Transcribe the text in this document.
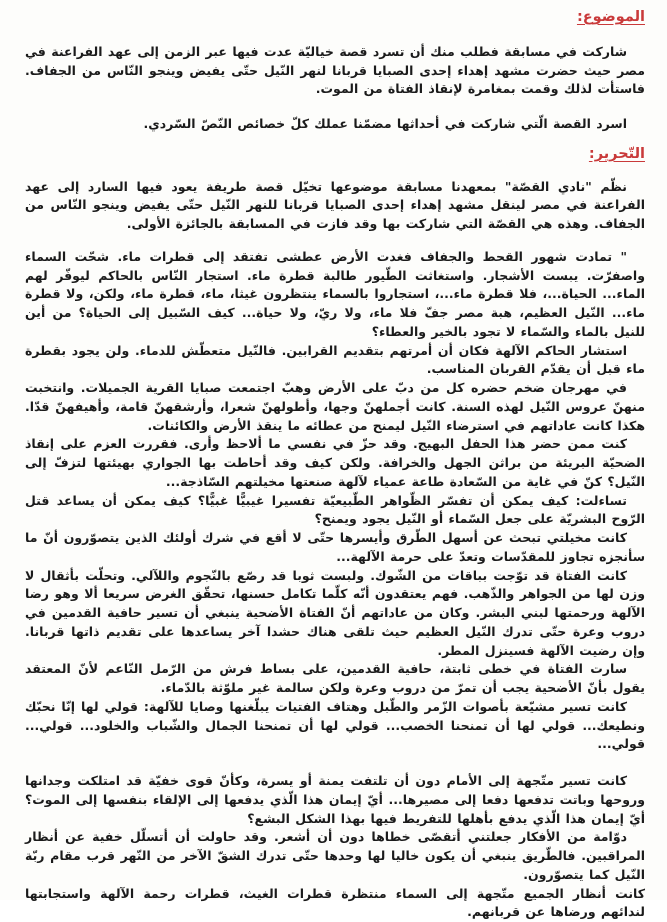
الموضوع:

شاركت في مسابقة فطلب منك أن تسرد قصة خياليّة عدت فيها عبر الزمن إلى عهد الفراعنة في مصر حيث حضرت مشهد إهداء إحدى الصبايا قربانا لنهر النّيل حتّى يفيض وينجو النّاس من الجفاف. فاستأت لذلك وقمت بمغامرة لإنقاذ الفتاة من الموت.

اسرد القصة الّتي شاركت في أحداثها مضمّنا عملك كلّ خصائص النّصّ السّردي.

التّحرير:

نظّم "نادي القصّة" بمعهدنا مسابقة موضوعها تخيّل قصة طريفة يعود فيها السارد إلى عهد الفراعنة في مصر لينقل مشهد إهداء إحدى الصبايا قربانا للنهر النّيل حتّى يفيض وينجو النّاس من الجفاف. وهذه هي القصّة التي شاركت بها وقد فازت في المسابقة بالجائزة الأولى.

" تمادت شهور القحط والجفاف فغدت الأرض عطشى تفتقد إلى قطرات ماء. شحّت السماء واصفرّت. يبست الأشجار. واستغاثت الطّيور طالبة قطرة ماء. استجار النّاس بالحاكم ليوفّر لهم الماء... الحياة...، فلا قطرة ماء...، استجاروا بالسماء ينتظرون غيثا، ماء، قطرة ماء، ولكن، ولا قطرة ماء... النّيل العظيم، هبة مصر جفّ فلا ماء، ولا ريّ، ولا حياة... كيف السّبيل إلى الحياة؟ من أين للنيل بالماء والسّماء لا تجود بالخير والعطاء؟

استشار الحاكم الآلهة فكان أن أمرتهم بتقديم القرابين. فالنّيل متعطّش للدماء. ولن يجود بقطرة ماء قبل أن يقدّم القربان المناسب.

في مهرجان ضخم حضره كل من دبّ على الأرض وهبّ اجتمعت صبايا القرية الجميلات. وانتخبت منهنّ عروس النّيل لهذه السنة. كانت أجملهنّ وجها، وأطولهنّ شعرا، وأرشقهنّ قامة، وأهيفهنّ قدّا. هكذا كانت عاداتهم في استرضاء النّيل ليمنح من عطائه ما ينقذ الأرض والكائنات.

كنت ممن حضر هذا الحفل البهيج. وقد حزّ في نفسي ما ألاحظ وأرى. فقررت العزم على إنقاذ الضحيّة البريئة من براثن الجهل والخرافة. ولكن كيف وقد أحاطت بها الجواري بهيئتها لتزفّ إلى النّيل؟ كنّ في غاية من السّعادة طاعة عمياء لآلهة صنعتها مخيلتهم السّاذجة...

تساءلت: كيف يمكن أن تفسّر الظّواهر الطّبيعيّة تفسيرا غيبيًّا غبيًّا؟ كيف يمكن أن يساعد قتل الرّوح البشريّة على جعل السّماء أو النّيل يجود ويمنح؟

كانت مخيلتي تبحث عن أسهل الطّرق وأيسرها حتّى لا أقع في شرك أولئك الذين يتصوّرون أنّ ما سأنجزه تجاوز للمقدّسات وتعدّ على حرمة الآلهة...

كانت الفتاة قد توّجت بباقات من الشّوك. ولبست ثوبا قد رصّع بالنّجوم واللآلي. وتحلّت بأثقال لا وزن لها من الجواهر والذّهب. فهم يعتقدون أنّه كلّما تكامل حسنها، تحقّق الغرض سريعا ألا وهو رضا الآلهة ورحمتها لبني البشر. وكان من عاداتهم أنّ الفتاة الأضحية ينبغي أن تسير حافية القدمين في دروب وعرة حتّى تدرك النّيل العظيم حيث تلقى هناك حشدا آخر يساعدها على تقديم ذاتها قربانا. وإن رضيت الآلهة فسينزل المطر.

سارت الفتاة في خطى ثابتة، حافية القدمين، على بساط فرش من الرّمل النّاعم لأنّ المعتقد يقول بأنّ الأضحية يجب أن تمرّ من دروب وعرة ولكن سالمة غير ملوّثة بالدّماء.

كانت تسير مشيّعة بأصوات الزّمر والطّبل وهتاف الفتيات يبلّغنها وصايا للآلهة: قولي لها إنّا نحبّك ونطيعك... قولي لها أن تمنحنا الخصب... قولي لها أن تمنحنا الجمال والشّباب والخلود... قولي... قولي...

كانت تسير متّجهة إلى الأمام دون أن تلتفت يمنة أو يسرة، وكأنّ قوى خفيّة قد امتلكت وجدانها وروحها وباتت تدفعها دفعا إلى مصيرها... أيّ إيمان هذا الّذي يدفعها إلى الإلقاء بنفسها إلى الموت؟ أيّ إيمان هذا الّذي يدفع بأهلها للتفريط فيها بهذا الشكل البشع؟

دوّامة من الأفكار جعلتني أتقصّى خطاها دون أن أشعر. وقد حاولت أن أتسلّل خفية عن أنظار المراقبين. فالطّريق ينبغي أن يكون خاليا لها وحدها حتّى تدرك الشقّ الآخر من النّهر قرب مقام ربّة النّيل كما يتصوّرون.

كانت أنظار الجميع متّجهة إلى السماء منتظرة قطرات الغيث، قطرات رحمة الآلهة واستجابتها لندائهم ورضاها عن قربانهم.
